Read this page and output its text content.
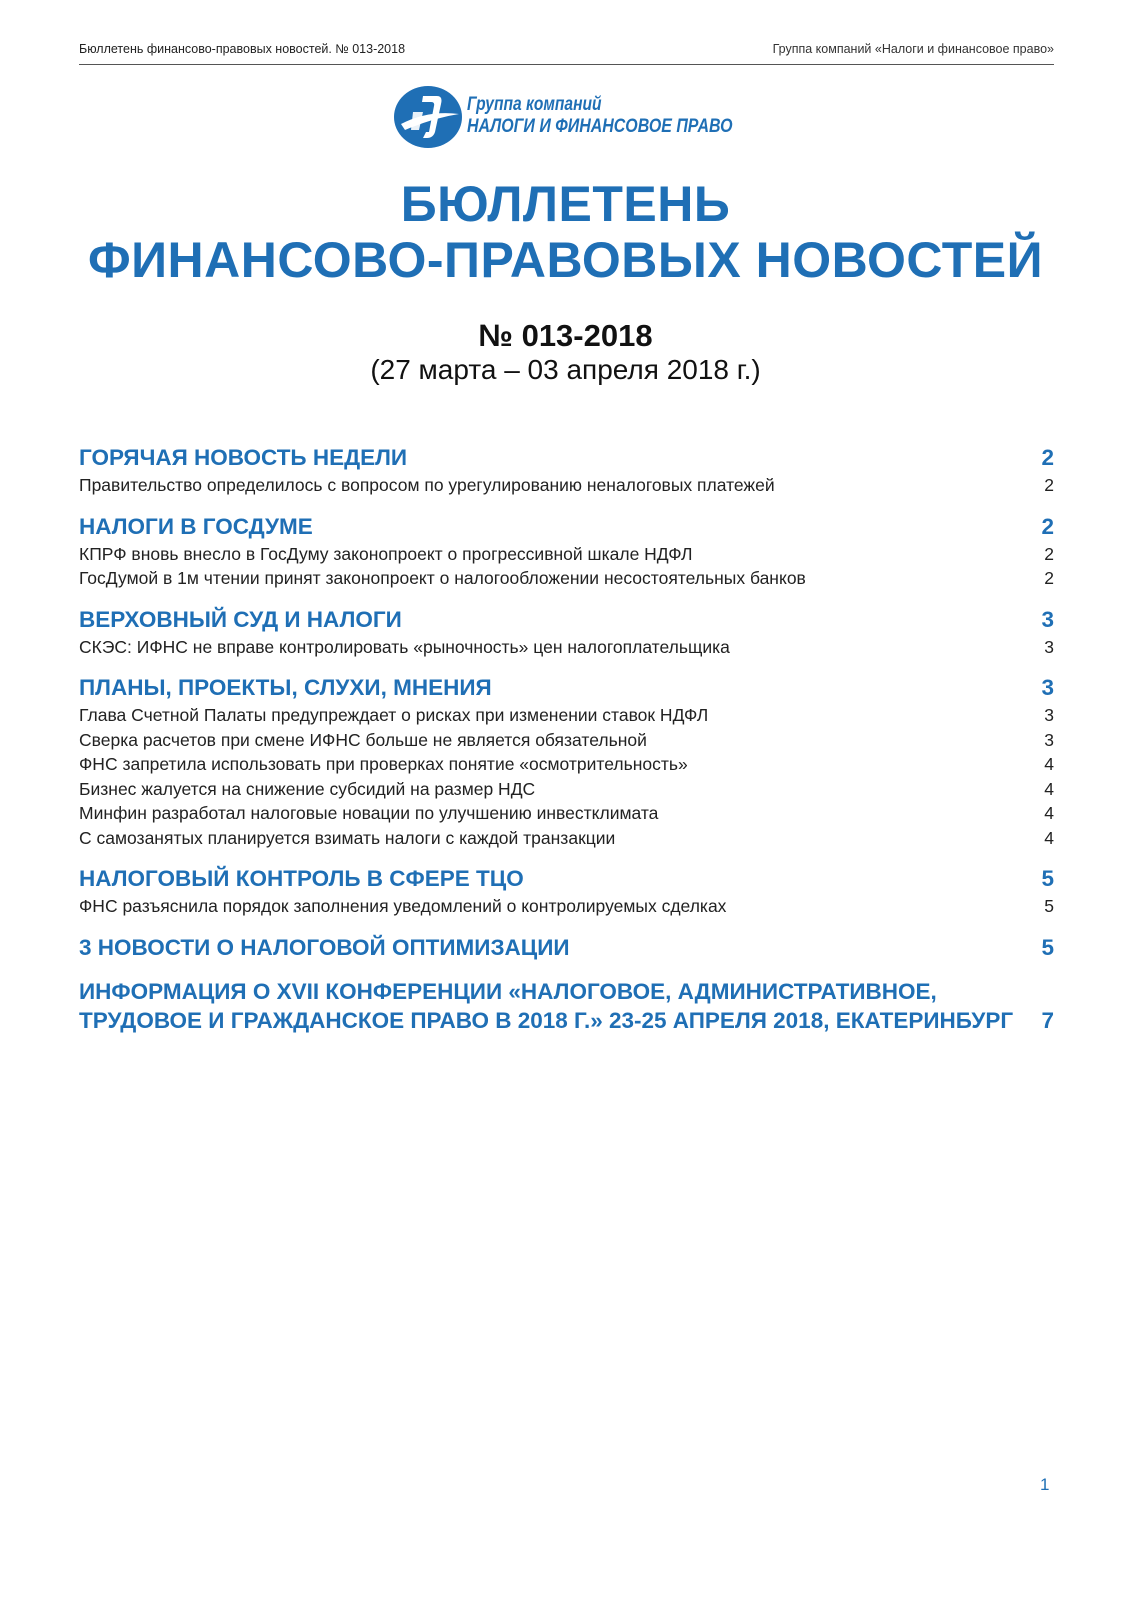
Бюллетень финансово-правовых новостей. № 013-2018	Группа компаний «Налоги и финансовое право»
Группа компаний
НАЛОГИ И ФИНАНСОВОЕ ПРАВО
БЮЛЛЕТЕНЬ
ФИНАНСОВО-ПРАВОВЫХ НОВОСТЕЙ
№ 013-2018
(27 марта – 03 апреля 2018 г.)
ГОРЯЧАЯ НОВОСТЬ НЕДЕЛИ	2
Правительство определилось с вопросом по урегулированию неналоговых платежей	2
НАЛОГИ В ГОСДУМЕ	2
КПРФ вновь внесло в ГосДуму законопроект о прогрессивной шкале НДФЛ	2
ГосДумой в 1м чтении принят законопроект о налогообложении несостоятельных банков	2
ВЕРХОВНЫЙ СУД И НАЛОГИ	3
СКЭС: ИФНС не вправе контролировать «рыночность» цен налогоплательщика	3
ПЛАНЫ, ПРОЕКТЫ, СЛУХИ, МНЕНИЯ	3
Глава Счетной Палаты предупреждает о рисках при изменении ставок НДФЛ	3
Сверка расчетов при смене ИФНС больше не является обязательной	3
ФНС запретила использовать при проверках понятие «осмотрительность»	4
Бизнес жалуется на снижение субсидий на размер НДС	4
Минфин разработал налоговые новации по улучшению инвестклимата	4
С самозанятых планируется взимать налоги с каждой транзакции	4
НАЛОГОВЫЙ КОНТРОЛЬ В СФЕРЕ ТЦО	5
ФНС разъяснила порядок заполнения уведомлений о контролируемых сделках	5
3 НОВОСТИ О НАЛОГОВОЙ ОПТИМИЗАЦИИ	5
ИНФОРМАЦИЯ О XVII КОНФЕРЕНЦИИ «НАЛОГОВОЕ, АДМИНИСТРАТИВНОЕ, ТРУДОВОЕ И ГРАЖДАНСКОЕ ПРАВО В 2018 Г.» 23-25 АПРЕЛЯ 2018, ЕКАТЕРИНБУРГ 7
1
